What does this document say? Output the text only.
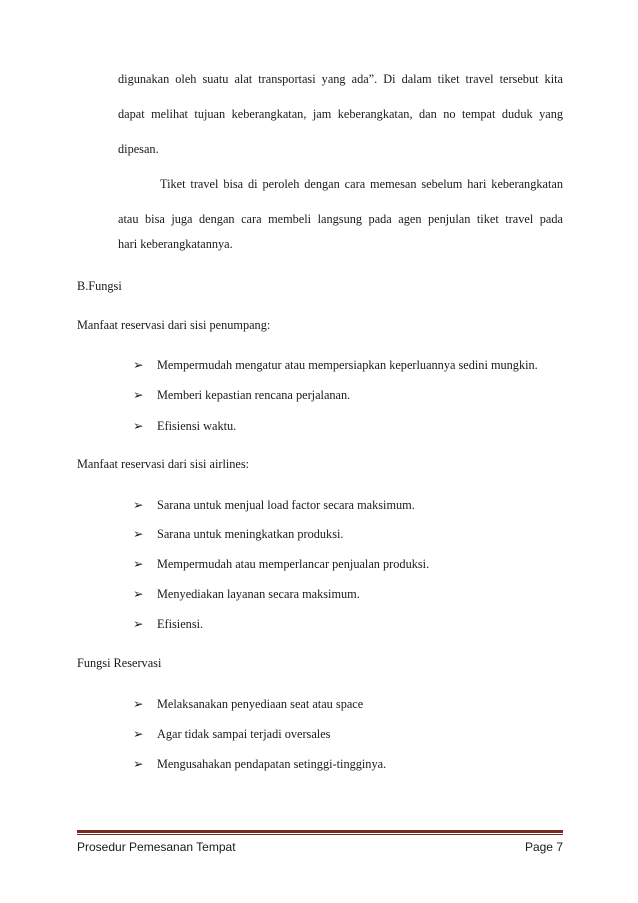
digunakan oleh suatu alat transportasi yang ada”. Di dalam tiket travel tersebut kita
dapat melihat tujuan keberangkatan, jam keberangkatan, dan no tempat duduk yang
dipesan.
Tiket travel bisa di peroleh dengan cara memesan sebelum hari keberangkatan
atau bisa juga dengan cara membeli langsung pada agen penjulan tiket travel pada
hari keberangkatannya.
B.Fungsi
Manfaat reservasi dari sisi penumpang:
➢ Mempermudah mengatur atau mempersiapkan keperluannya sedini mungkin.
➢ Memberi kepastian rencana perjalanan.
➢ Efisiensi waktu.
Manfaat reservasi dari sisi airlines:
➢ Sarana untuk menjual load factor secara maksimum.
➢ Sarana untuk meningkatkan produksi.
➢ Mempermudah atau memperlancar penjualan produksi.
➢ Menyediakan layanan secara maksimum.
➢ Efisiensi.
Fungsi Reservasi
➢ Melaksanakan penyediaan seat atau space
➢ Agar tidak sampai terjadi oversales
➢ Mengusahakan pendapatan setinggi-tingginya.
Prosedur Pemesanan Tempat	Page 7
